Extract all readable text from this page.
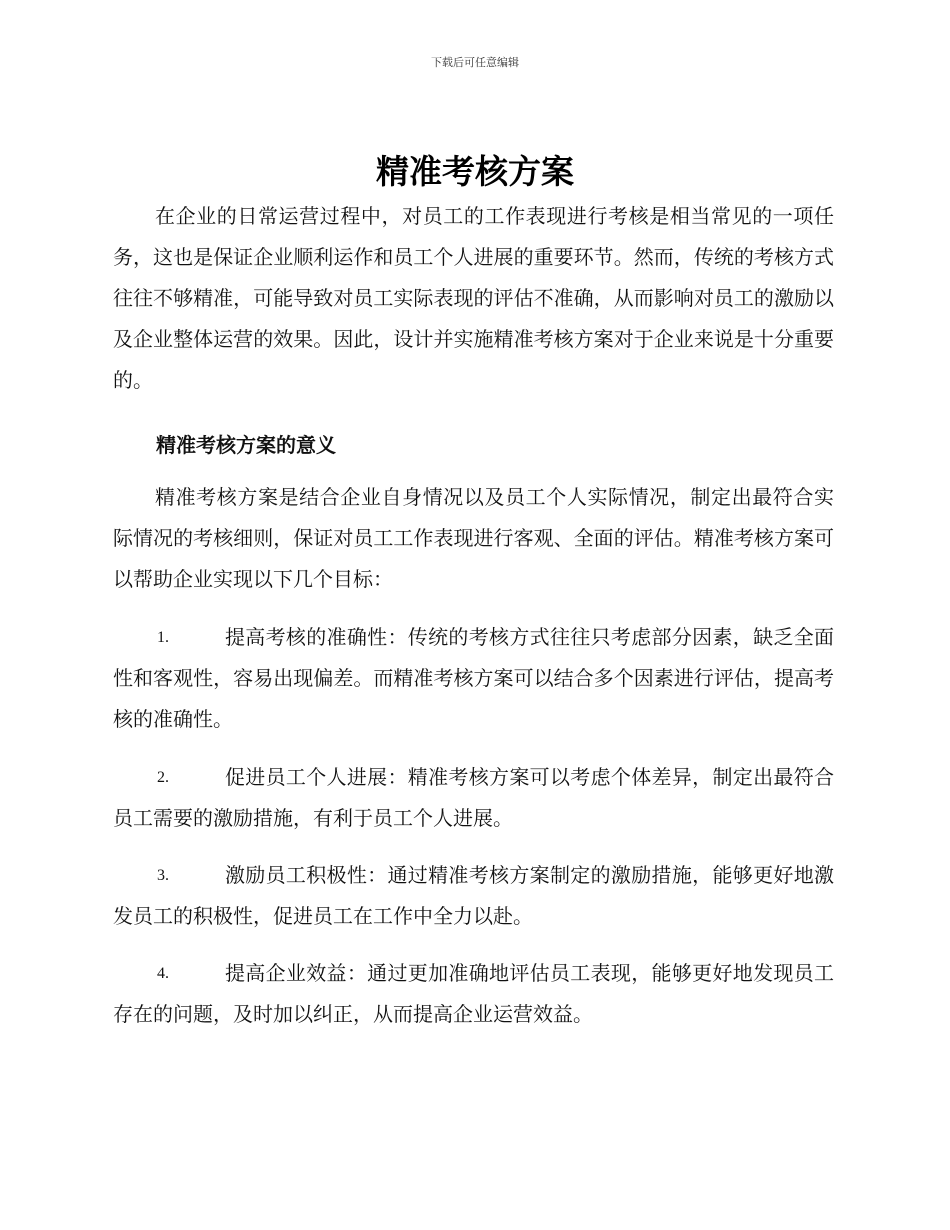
下载后可任意编辑
精准考核方案

在企业的日常运营过程中，对员工的工作表现进行考核是相当常见的一项任务，这也是保证企业顺利运作和员工个人进展的重要环节。然而，传统的考核方式往往不够精准，可能导致对员工实际表现的评估不准确，从而影响对员工的激励以及企业整体运营的效果。因此，设计并实施精准考核方案对于企业来说是十分重要的。

精准考核方案的意义

精准考核方案是结合企业自身情况以及员工个人实际情况，制定出最符合实际情况的考核细则，保证对员工工作表现进行客观、全面的评估。精准考核方案可以帮助企业实现以下几个目标：

1.	提高考核的准确性：传统的考核方式往往只考虑部分因素，缺乏全面性和客观性，容易出现偏差。而精准考核方案可以结合多个因素进行评估，提高考核的准确性。

2.	促进员工个人进展：精准考核方案可以考虑个体差异，制定出最符合员工需要的激励措施，有利于员工个人进展。

3.	激励员工积极性：通过精准考核方案制定的激励措施，能够更好地激发员工的积极性，促进员工在工作中全力以赴。

4.	提高企业效益：通过更加准确地评估员工表现，能够更好地发现员工存在的问题，及时加以纠正，从而提高企业运营效益。
